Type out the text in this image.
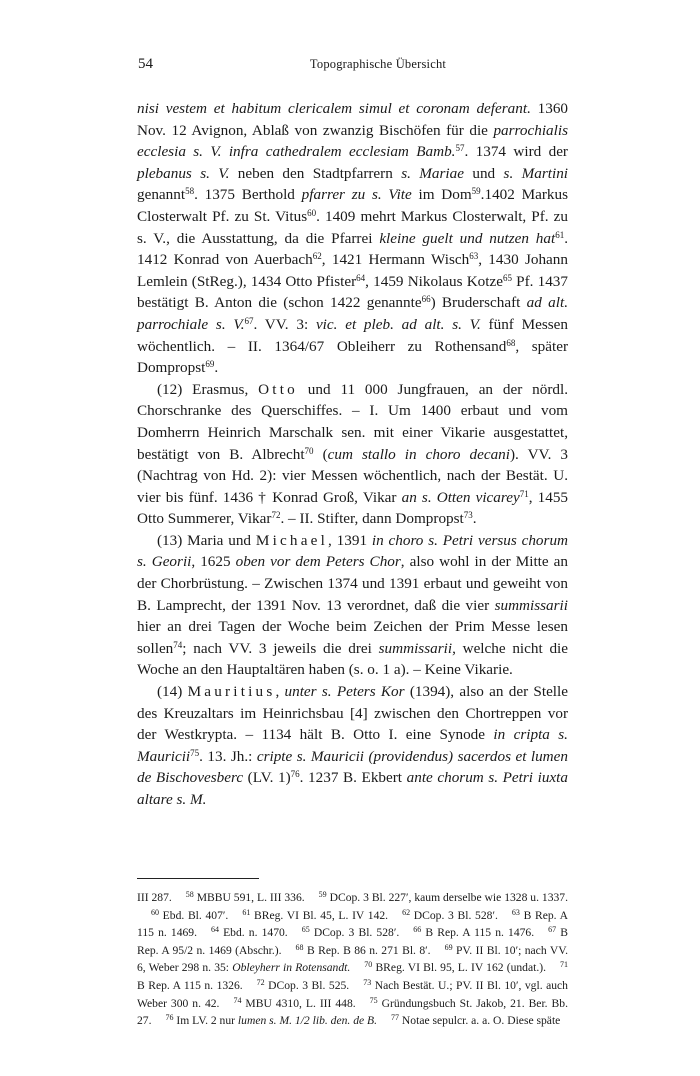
54	Topographische Übersicht

nisi vestem et habitum clericalem simul et coronam deferant. 1360 Nov. 12 Avignon, Ablaß von zwanzig Bischöfen für die parrochialis ecclesia s. V. infra cathedralem ecclesiam Bamb.$^{57}$. 1374 wird der plebanus s. V. neben den Stadtpfarrern s. Mariae und s. Martini genannt$^{58}$. 1375 Berthold pfarrer zu s. Vite im Dom$^{59}$.1402 Markus Closterwalt Pf. zu St. Vitus$^{60}$. 1409 mehrt Markus Closterwalt, Pf. zu s. V., die Ausstattung, da die Pfarrei kleine guelt und nutzen hat$^{61}$. 1412 Konrad von Auerbach$^{62}$, 1421 Hermann Wisch$^{63}$, 1430 Johann Lemlein (StReg.), 1434 Otto Pfister$^{64}$, 1459 Nikolaus Kotze$^{65}$ Pf. 1437 bestätigt B. Anton die (schon 1422 genannte$^{66}$) Bruderschaft ad alt. parrochiale s. V.$^{67}$. VV. 3: vic. et pleb. ad alt. s. V. fünf Messen wöchentlich. – II. 1364/67 Obleiherr zu Rothensand$^{68}$, später Dompropst$^{69}$.

(12) Erasmus, Otto und 11 000 Jungfrauen, an der nördl. Chorschranke des Querschiffes. – I. Um 1400 erbaut und vom Domherrn Heinrich Marschalk sen. mit einer Vikarie ausgestattet, bestätigt von B. Albrecht$^{70}$ (cum stallo in choro decani). VV. 3 (Nachtrag von Hd. 2): vier Messen wöchentlich, nach der Bestät. U. vier bis fünf. 1436 † Konrad Groß, Vikar an s. Otten vicarey$^{71}$, 1455 Otto Summerer, Vikar$^{72}$. – II. Stifter, dann Dompropst$^{73}$.

(13) Maria und Michael, 1391 in choro s. Petri versus chorum s. Georii, 1625 oben vor dem Peters Chor, also wohl in der Mitte an der Chorbrüstung. – Zwischen 1374 und 1391 erbaut und geweiht von B. Lamprecht, der 1391 Nov. 13 verordnet, daß die vier summissarii hier an drei Tagen der Woche beim Zeichen der Prim Messe lesen sollen$^{74}$; nach VV. 3 jeweils die drei summissarii, welche nicht die Woche an den Hauptaltären haben (s. o. 1 a). – Keine Vikarie.

(14) Mauritius, unter s. Peters Kor (1394), also an der Stelle des Kreuzaltars im Heinrichsbau [4] zwischen den Chortreppen vor der Westkrypta. – 1134 hält B. Otto I. eine Synode in cripta s. Mauricii$^{75}$. 13. Jh.: cripte s. Mauricii (providendus) sacerdos et lumen de Bischovesberc (LV. 1)$^{76}$. 1237 B. Ekbert ante chorum s. Petri iuxta altare s. M.

III 287. $^{58}$ MBBU 591, L. III 336. $^{59}$ DCop. 3 Bl. 227′, kaum derselbe wie 1328 u. 1337.60 Ebd. Bl. 407′. $^{61}$ BReg. VI Bl. 45, L. IV 142. $^{62}$ DCop. 3 Bl. 528′. $^{63}$ B Rep. A 115 n. 1469. $^{64}$ Ebd. n. 1470. $^{65}$ DCop. 3 Bl. 528′. $^{66}$ B Rep. A 115 n. 1476. $^{67}$ B Rep. A 95/2 n. 1469 (Abschr.). $^{68}$ B Rep. B 86 n. 271 Bl. 8′. $^{69}$ PV. II Bl. 10′; nach VV. 6, Weber 298 n. 35: Obleyherr in Rotensandt. $^{70}$ BReg. VI Bl. 95, L. IV 162 (undat.). $^{71}$ B Rep. A 115 n. 1326. $^{72}$ DCop. 3 Bl. 525. $^{73}$ Nach Bestät. U.; PV. II Bl. 10′, vgl. auch Weber 300 n. 42. $^{74}$ MBU 4310, L. III 448. $^{75}$ Gründungsbuch St. Jakob, 21. Ber. Bb. 27. $^{76}$ Im LV. 2 nur lumen s. M. 1/2 lib. den. de B. $^{77}$ Notae sepulcr. a. a. O. Diese späte
